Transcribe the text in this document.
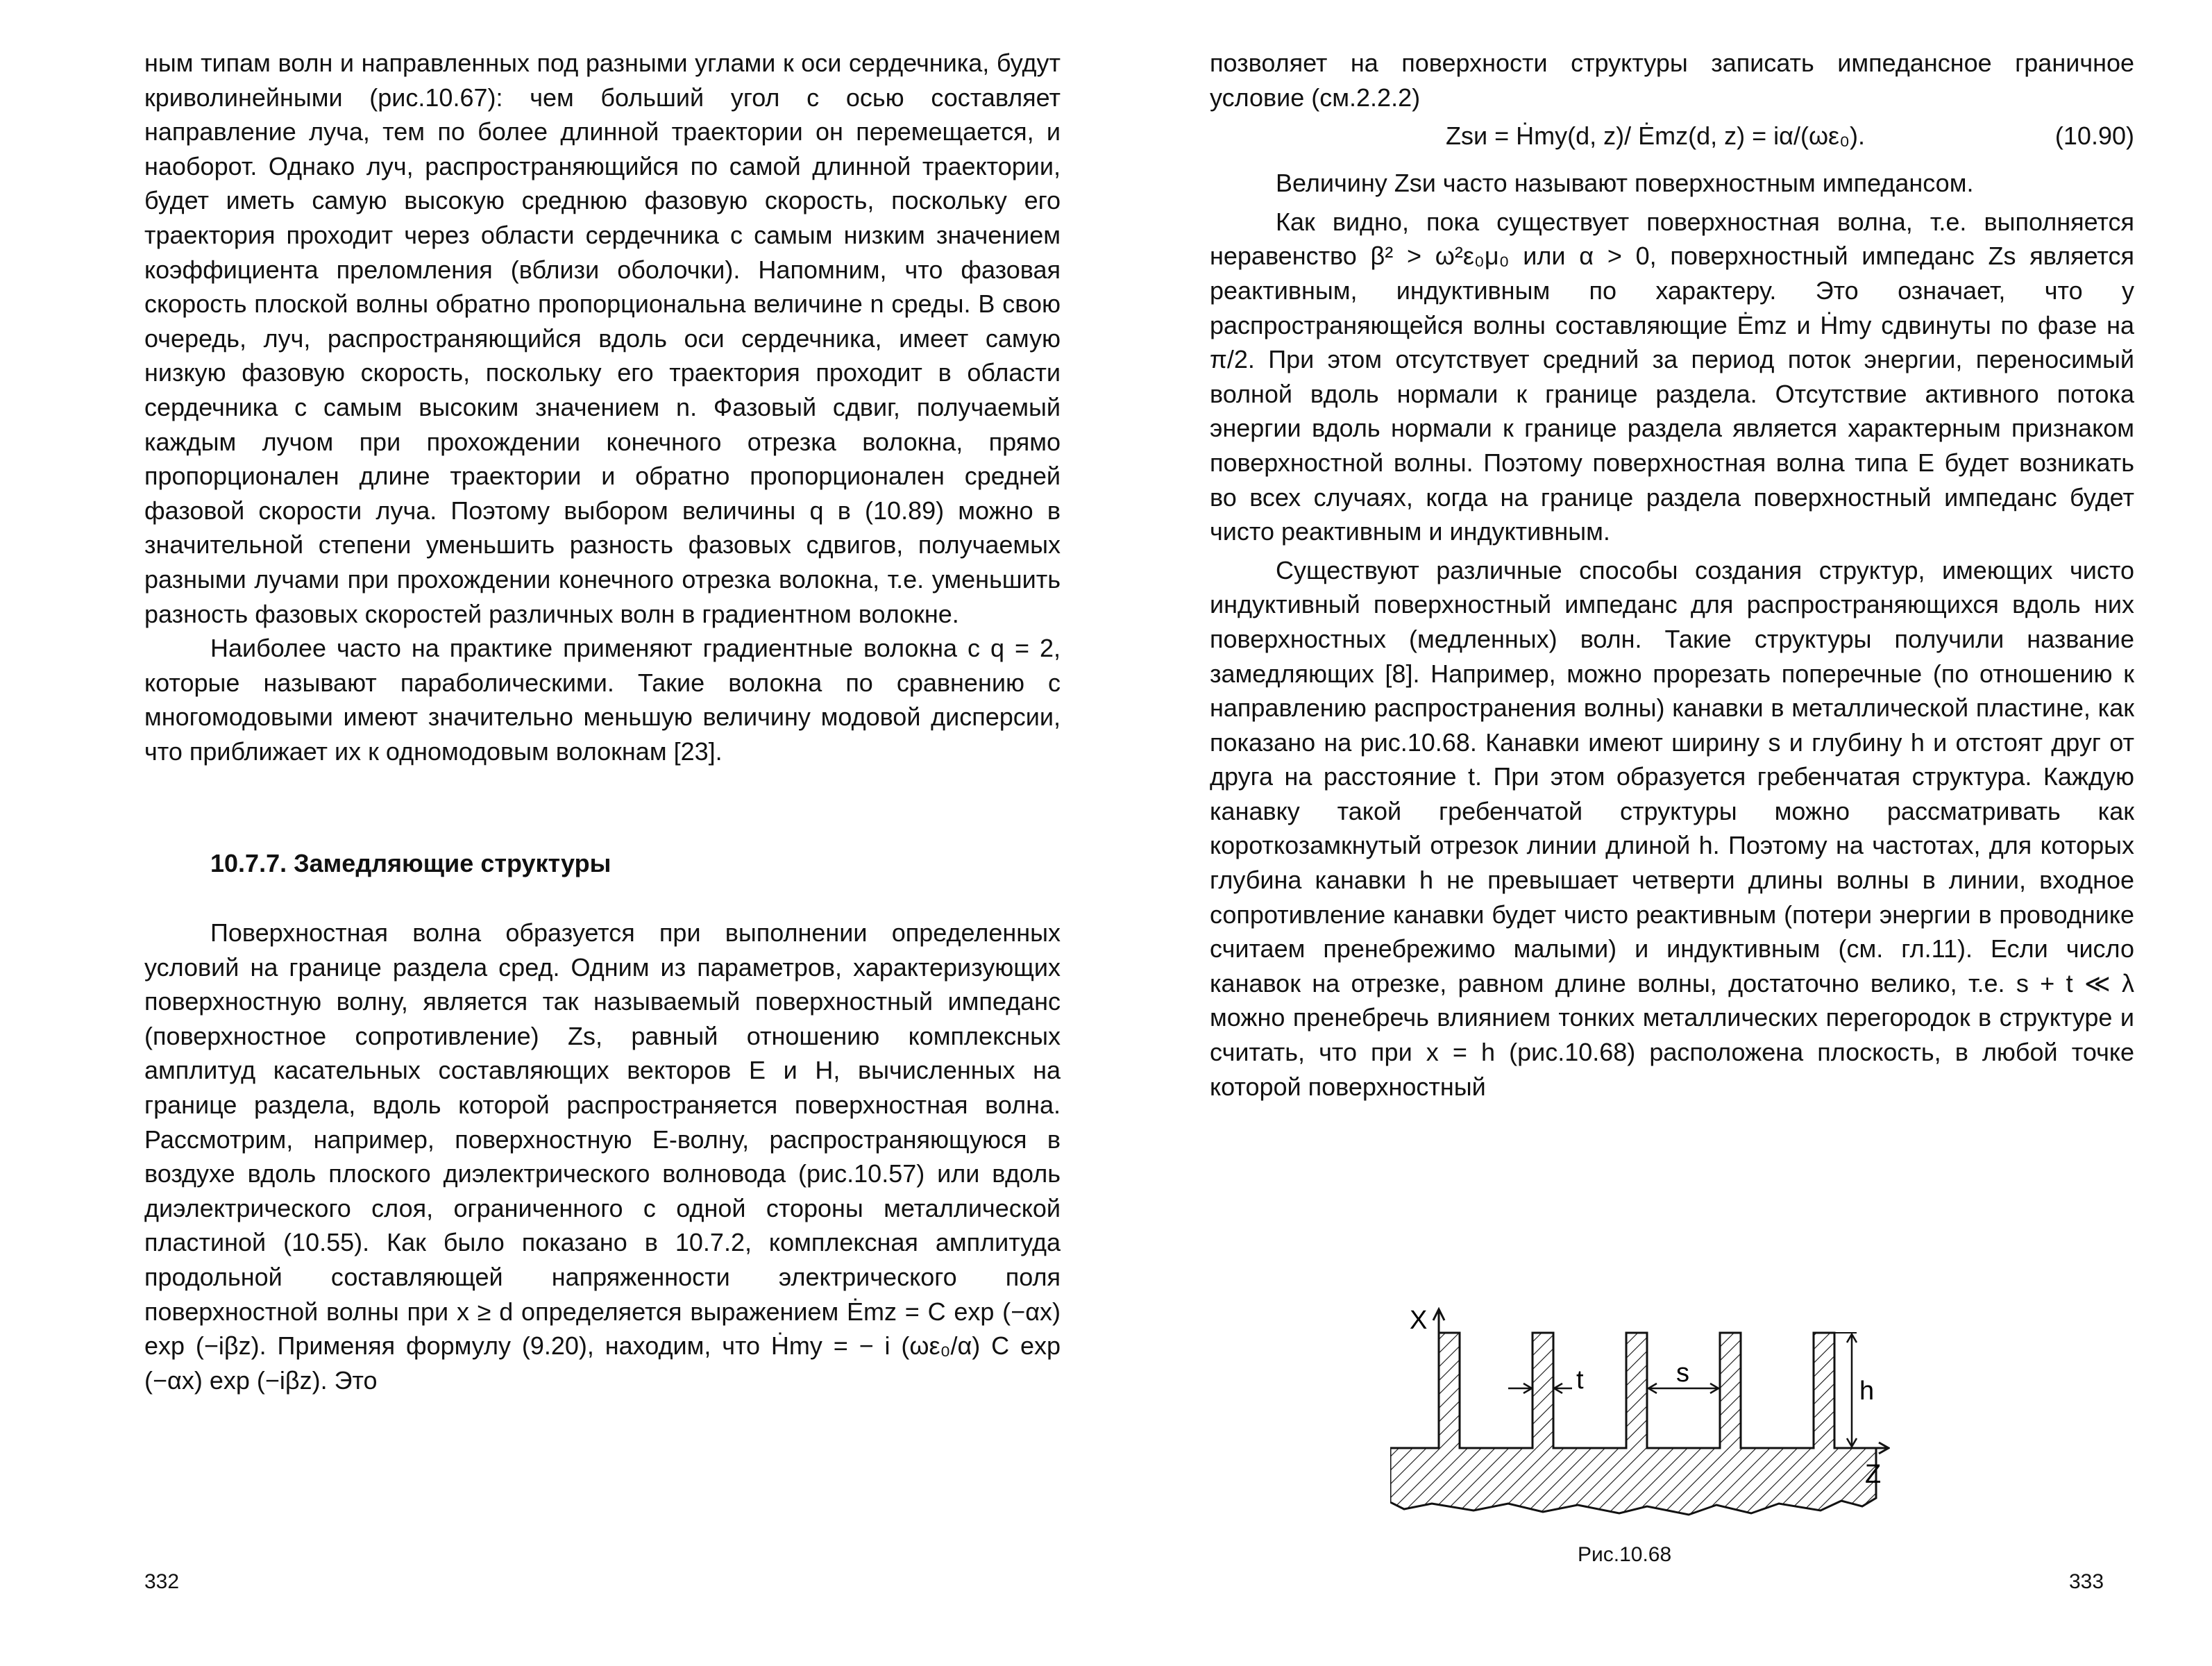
ным типам волн и направленных под разными углами к оси сердечника, будут криволинейными (рис.10.67): чем больший угол с осью составляет направление луча, тем по более длинной траектории он перемещается, и наоборот. Однако луч, распространяющийся по самой длинной траектории, будет иметь самую высокую среднюю фазовую скорость, поскольку его траектория проходит через области сердечника с самым низким значением коэффициента преломления (вблизи оболочки). Напомним, что фазовая скорость плоской волны обратно пропорциональна величине n среды. В свою очередь, луч, распространяющийся вдоль оси сердечника, имеет самую низкую фазовую скорость, поскольку его траектория проходит в области сердечника с самым высоким значением n. Фазовый сдвиг, получаемый каждым лучом при прохождении конечного отрезка волокна, прямо пропорционален длине траектории и обратно пропорционален средней фазовой скорости луча. Поэтому выбором величины q в (10.89) можно в значительной степени уменьшить разность фазовых сдвигов, получаемых разными лучами при прохождении конечного отрезка волокна, т.е. уменьшить разность фазовых скоростей различных волн в градиентном волокне.

Наиболее часто на практике применяют градиентные волокна с q = 2, которые называют параболическими. Такие волокна по сравнению с многомодовыми имеют значительно меньшую величину модовой дисперсии, что приближает их к одномодовым волокнам [23].

10.7.7. Замедляющие структуры

Поверхностная волна образуется при выполнении определенных условий на границе раздела сред. Одним из параметров, характеризующих поверхностную волну, является так называемый поверхностный импеданс (поверхностное сопротивление) Zs, равный отношению комплексных амплитуд касательных составляющих векторов E и H, вычисленных на границе раздела, вдоль которой распространяется поверхностная волна. Рассмотрим, например, поверхностную E-волну, распространяющуюся в воздухе вдоль плоского диэлектрического волновода (рис.10.57) или вдоль диэлектрического слоя, ограниченного с одной стороны металлической пластиной (10.55). Как было показано в 10.7.2, комплексная амплитуда продольной составляющей напряженности электрического поля поверхностной волны при x ≥ d определяется выражением Ėmz = C exp (−αx) exp (−iβz). Применяя формулу (9.20), находим, что Ḣmy = − i (ωε₀/α) C exp (−αx) exp (−iβz). Это

332

позволяет на поверхности структуры записать импедансное граничное условие (см.2.2.2)

Zsи = Ḣmy(d, z)/ Ėmz(d, z) = iα/(ωε₀).	(10.90)

Величину Zsи часто называют поверхностным импедансом.

Как видно, пока существует поверхностная волна, т.е. выполняется неравенство β² > ω²ε₀μ₀ или α > 0, поверхностный импеданс Zs является реактивным, индуктивным по характеру. Это означает, что у распространяющейся волны составляющие Ėmz и Ḣmy сдвинуты по фазе на π/2. При этом отсутствует средний за период поток энергии, переносимый волной вдоль нормали к границе раздела. Отсутствие активного потока энергии вдоль нормали к границе раздела является характерным признаком поверхностной волны. Поэтому поверхностная волна типа E будет возникать во всех случаях, когда на границе раздела поверхностный импеданс будет чисто реактивным и индуктивным.

Существуют различные способы создания структур, имеющих чисто индуктивный поверхностный импеданс для распространяющихся вдоль них поверхностных (медленных) волн. Такие структуры получили название замедляющих [8]. Например, можно прорезать поперечные (по отношению к направлению распространения волны) канавки в металлической пластине, как показано на рис.10.68. Канавки имеют ширину s и глубину h и отстоят друг от друга на расстояние t. При этом образуется гребенчатая структура. Каждую канавку такой гребенчатой структуры можно рассматривать как короткозамкнутый отрезок линии длиной h. Поэтому на частотах, для которых глубина канавки h не превышает четверти длины волны в линии, входное сопротивление канавки будет чисто реактивным (потери энергии в проводнике считаем пренебрежимо малыми) и индуктивным (см. гл.11). Если число канавок на отрезке, равном длине волны, достаточно велико, т.е. s + t ≪ λ можно пренебречь влиянием тонких металлических перегородок в структуре и считать, что при x = h (рис.10.68) расположена плоскость, в любой точке которой поверхностный

X
Z
t	s
h
Рис.10.68
333
